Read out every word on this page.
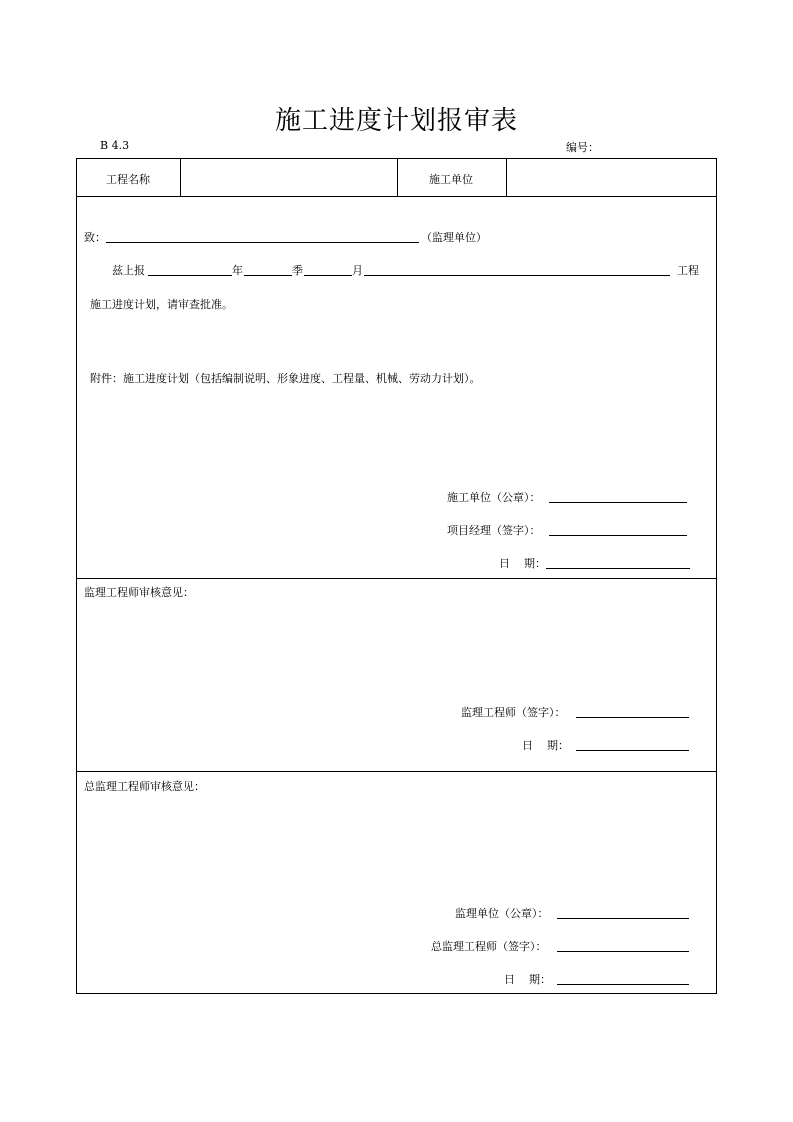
施工进度计划报审表
B 4.3	编号：
工程名称	施工单位
致：	（监理单位）
兹上报	年	季	月	工程
施工进度计划，请审查批准。
附件：施工进度计划（包括编制说明、形象进度、工程量、机械、劳动力计划）。
施工单位（公章）：
项目经理（签字）：
日    期：
监理工程师审核意见：
监理工程师（签字）：
日    期：
总监理工程师审核意见：
监理单位（公章）：
总监理工程师（签字）：
日    期：
